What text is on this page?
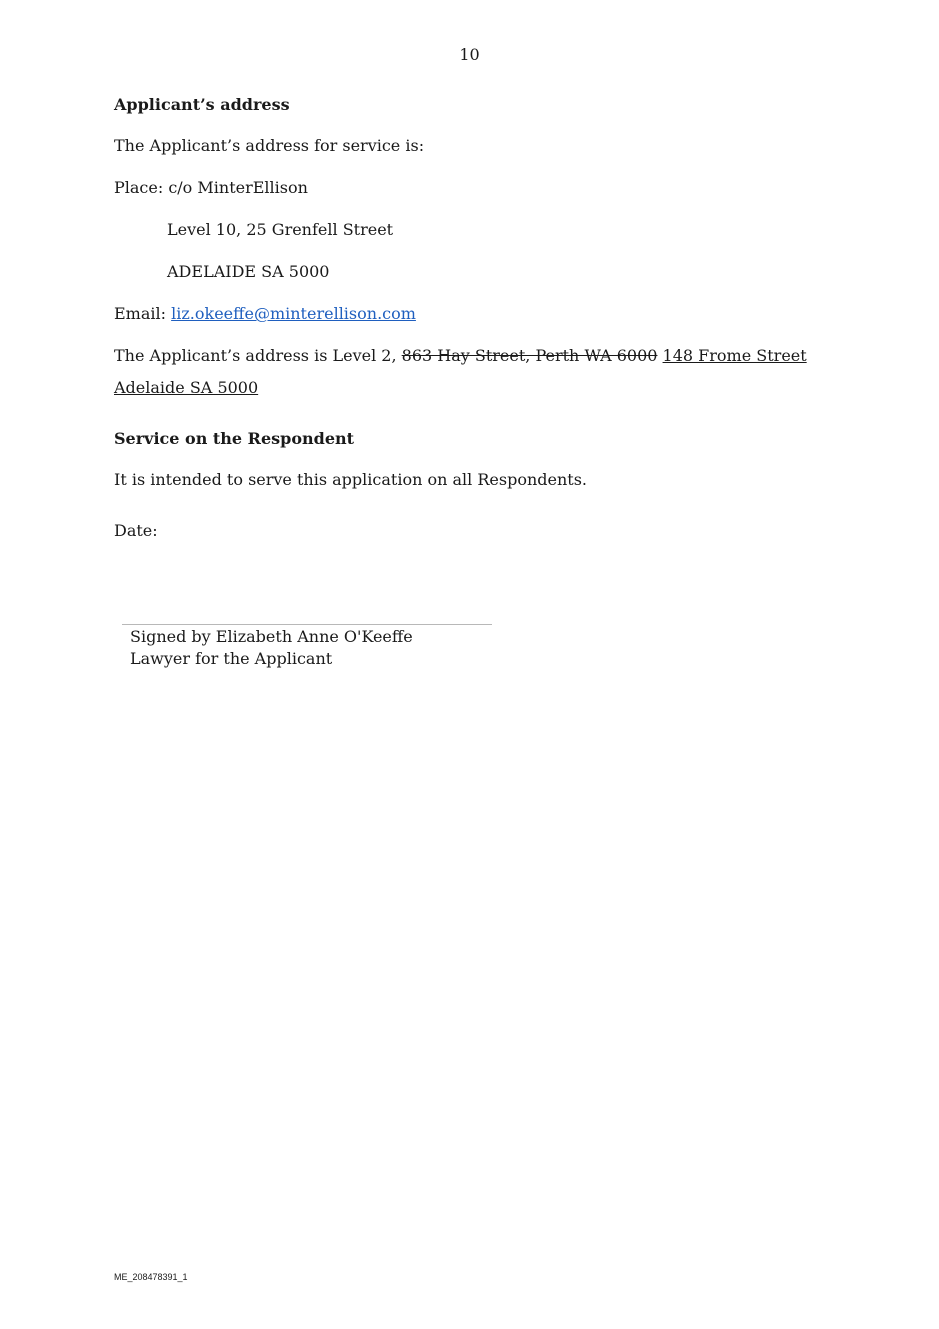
10
Applicant’s address
The Applicant’s address for service is:
Place: c/o MinterEllison
Level 10, 25 Grenfell Street
ADELAIDE SA 5000
Email: liz.okeeffe@minterellison.com
The Applicant’s address is Level 2, 863 Hay Street, Perth WA 6000 148 Frome Street
Adelaide SA 5000
Service on the Respondent
It is intended to serve this application on all Respondents.
Date:
Signed by Elizabeth Anne O'Keeffe
Lawyer for the Applicant
ME_208478391_1
